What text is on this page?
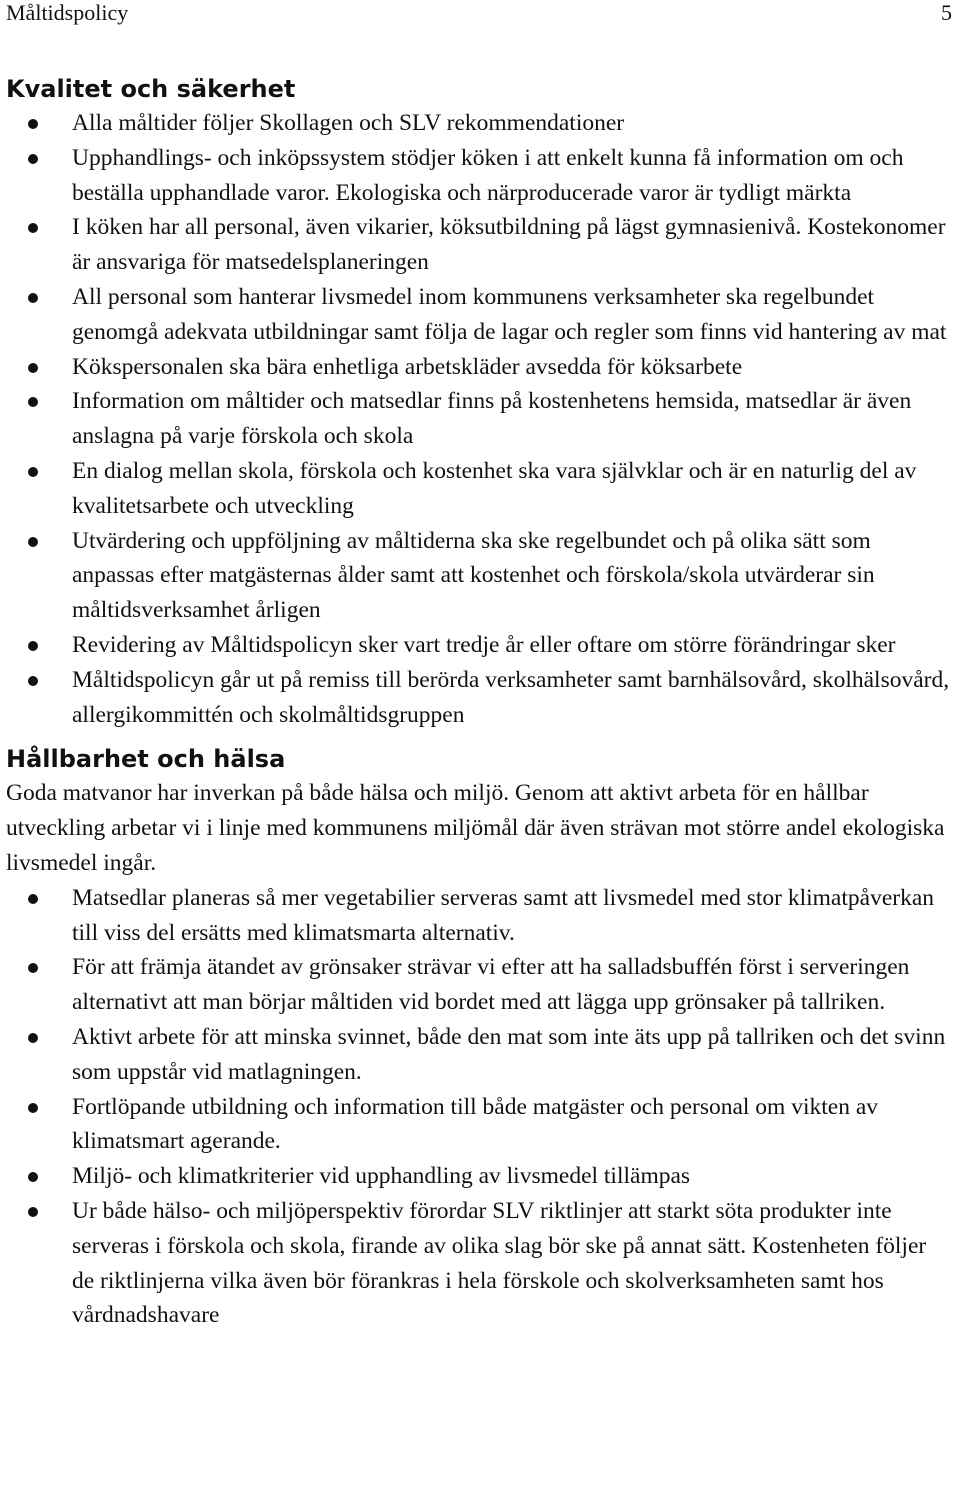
Måltidspolicy	5
Kvalitet och säkerhet
Alla måltider följer Skollagen och SLV rekommendationer
Upphandlings- och inköpssystem stödjer köken i att enkelt kunna få information om och beställa upphandlade varor. Ekologiska och närproducerade varor är tydligt märkta
I köken har all personal, även vikarier, köksutbildning på lägst gymnasienivå. Kostekonomer är ansvariga för matsedelsplaneringen
All personal som hanterar livsmedel inom kommunens verksamheter ska regelbundet genomgå adekvata utbildningar samt följa de lagar och regler som finns vid hantering av mat
Kökspersonalen ska bära enhetliga arbetskläder avsedda för köksarbete
Information om måltider och matsedlar finns på kostenhetens hemsida, matsedlar är även anslagna på varje förskola och skola
En dialog mellan skola, förskola och kostenhet ska vara självklar och är en naturlig del av kvalitetsarbete och utveckling
Utvärdering och uppföljning av måltiderna ska ske regelbundet och på olika sätt som anpassas efter matgästernas ålder samt att kostenhet och förskola/skola utvärderar sin måltidsverksamhet årligen
Revidering av Måltidspolicyn sker vart tredje år eller oftare om större förändringar sker
Måltidspolicyn går ut på remiss till berörda verksamheter samt barnhälsovård, skolhälsovård, allergikommittén och skolmåltidsgruppen
Hållbarhet och hälsa

Goda matvanor har inverkan på både hälsa och miljö. Genom att aktivt arbeta för en hållbar utveckling arbetar vi i linje med kommunens miljömål där även strävan mot större andel ekologiska livsmedel ingår.

Matsedlar planeras så mer vegetabilier serveras samt att livsmedel med stor klimatpåverkan till viss del ersätts med klimatsmarta alternativ.
För att främja ätandet av grönsaker strävar vi efter att ha salladsbuffén först i serveringen alternativt att man börjar måltiden vid bordet med att lägga upp grönsaker på tallriken.
Aktivt arbete för att minska svinnet, både den mat som inte äts upp på tallriken och det svinn som uppstår vid matlagningen.
Fortlöpande utbildning och information till både matgäster och personal om vikten av klimatsmart agerande.
Miljö- och klimatkriterier vid upphandling av livsmedel tillämpas
Ur både hälso- och miljöperspektiv förordar SLV riktlinjer att starkt söta produkter inte serveras i förskola och skola, firande av olika slag bör ske på annat sätt. Kostenheten följer de riktlinjerna vilka även bör förankras i hela förskole och skolverksamheten samt hos vårdnadshavare
